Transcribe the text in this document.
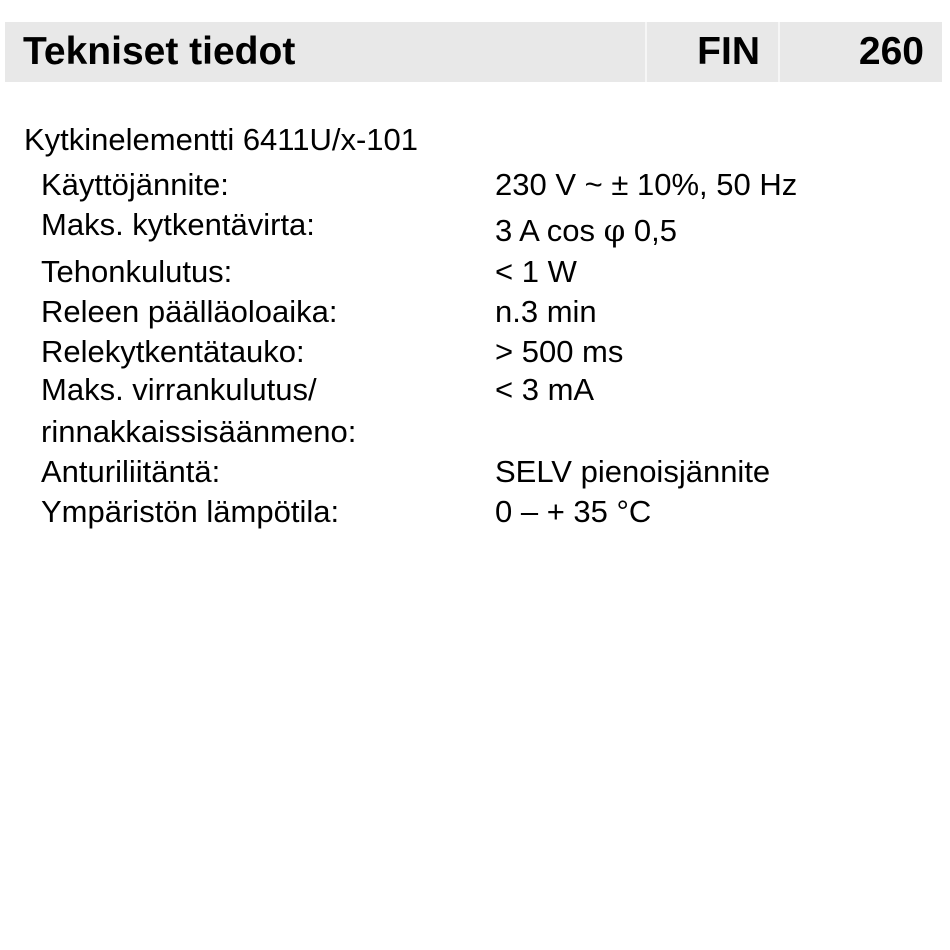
Tekniset tiedot	FIN	260
Kytkinelementti 6411U/x-101
Käyttöjännite:	230 V ~ ± 10%, 50 Hz
Maks. kytkentävirta:	3 A cos φ 0,5
Tehonkulutus:	< 1 W
Releen päälläoloaika:	n.3 min
Relekytkentätauko:	> 500 ms
Maks. virrankulutus/	< 3 mA
rinnakkaissisäänmeno:
Anturiliitäntä:	SELV pienoisjännite
Ympäristön lämpötila:	0 – + 35 °C
